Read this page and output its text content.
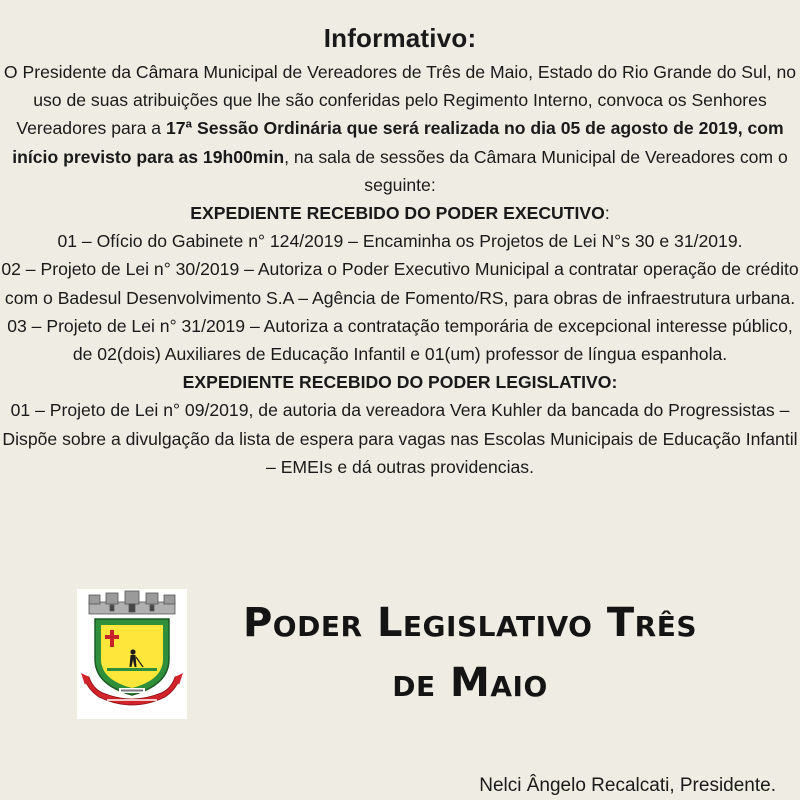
Informativo:

O Presidente da Câmara Municipal de Vereadores de Três de Maio, Estado do Rio Grande do Sul, no uso de suas atribuições que lhe são conferidas pelo Regimento Interno, convoca os Senhores Vereadores para a 17ª Sessão Ordinária que será realizada no dia 05 de agosto de 2019, com início previsto para as 19h00min, na sala de sessões da Câmara Municipal de Vereadores com o seguinte:

EXPEDIENTE RECEBIDO DO PODER EXECUTIVO:

01 – Ofício do Gabinete n° 124/2019 – Encaminha os Projetos de Lei N°s 30 e 31/2019.

02 – Projeto de Lei n° 30/2019 – Autoriza o Poder Executivo Municipal a contratar operação de crédito com o Badesul Desenvolvimento S.A – Agência de Fomento/RS, para obras de infraestrutura urbana.

03 – Projeto de Lei n° 31/2019 – Autoriza a contratação temporária de excepcional interesse público, de 02(dois) Auxiliares de Educação Infantil e 01(um) professor de língua espanhola.

EXPEDIENTE RECEBIDO DO PODER LEGISLATIVO:

01 – Projeto de Lei n° 09/2019, de autoria da vereadora Vera Kuhler da bancada do Progressistas – Dispõe sobre a divulgação da lista de espera para vagas nas Escolas Municipais de Educação Infantil – EMEIs e dá outras providencias.

Poder Legislativo Três
de Maio
Nelci Ângelo Recalcati, Presidente.
